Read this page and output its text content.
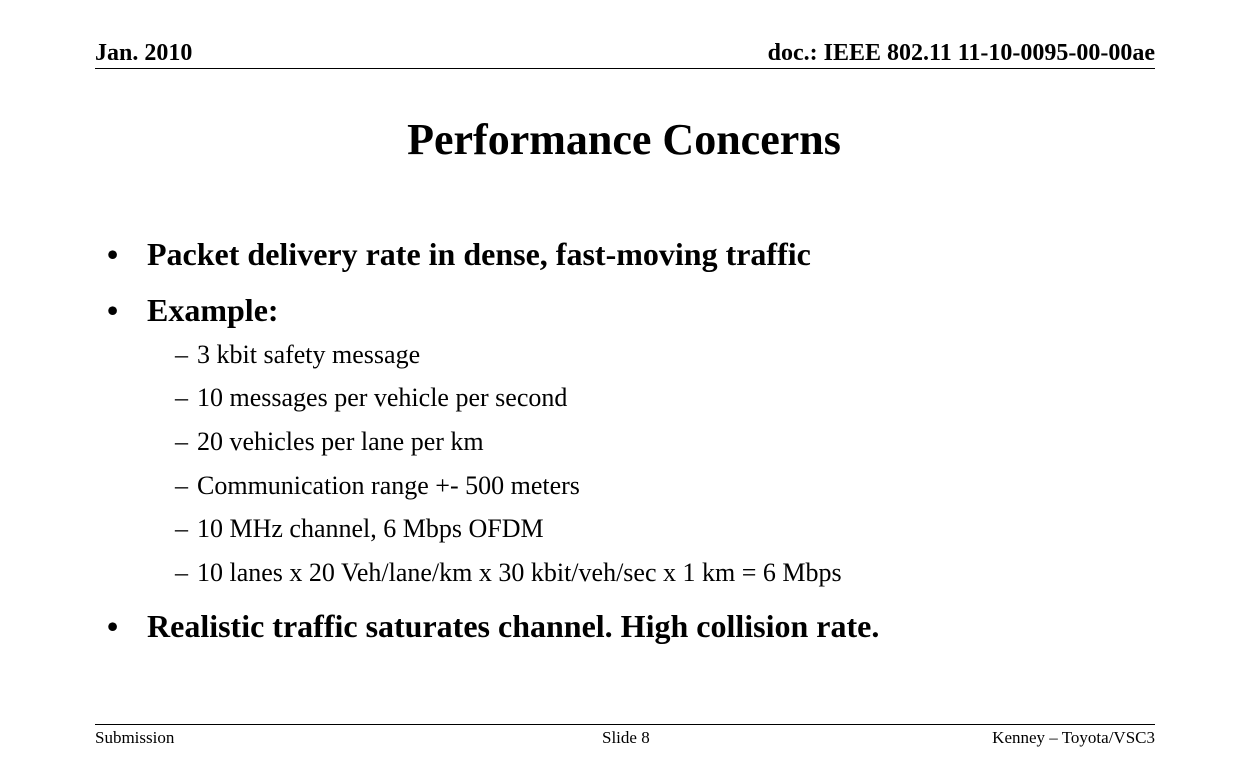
Jan. 2010	doc.: IEEE 802.11 11-10-0095-00-00ae
Performance Concerns
• Packet delivery rate in dense, fast-moving traffic
• Example:
– 3 kbit safety message
– 10 messages per vehicle per second
– 20 vehicles per lane per km
– Communication range +- 500 meters
– 10 MHz channel, 6 Mbps OFDM
– 10 lanes x 20 Veh/lane/km x 30 kbit/veh/sec x 1 km = 6 Mbps
• Realistic traffic saturates channel. High collision rate.
Submission	Slide 8	Kenney – Toyota/VSC3
